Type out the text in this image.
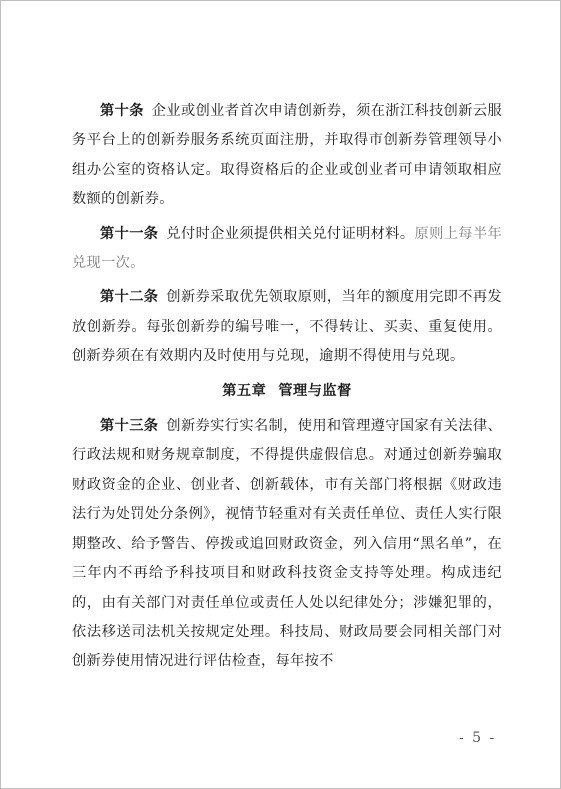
第十条 企业或创业者首次申请创新券，须在浙江科技创新云服务平台上的创新券服务系统页面注册，并取得市创新券管理领导小组办公室的资格认定。取得资格后的企业或创业者可申请领取相应数额的创新券。

第十一条 兑付时企业须提供相关兑付证明材料。原则上每半年兑现一次。

第十二条 创新券采取优先领取原则，当年的额度用完即不再发放创新券。每张创新券的编号唯一，不得转让、买卖、重复使用。创新券须在有效期内及时使用与兑现，逾期不得使用与兑现。

第五章 管理与监督

第十三条 创新券实行实名制，使用和管理遵守国家有关法律、行政法规和财务规章制度，不得提供虚假信息。对通过创新券骗取财政资金的企业、创业者、创新载体，市有关部门将根据《财政违法行为处罚处分条例》，视情节轻重对有关责任单位、责任人实行限期整改、给予警告、停拨或追回财政资金，列入信用“黑名单”，在三年内不再给予科技项目和财政科技资金支持等处理。构成违纪的，由有关部门对责任单位或责任人处以纪律处分；涉嫌犯罪的，依法移送司法机关按规定处理。科技局、财政局要会同相关部门对创新券使用情况进行评估检查，每年按不

- 5 -
